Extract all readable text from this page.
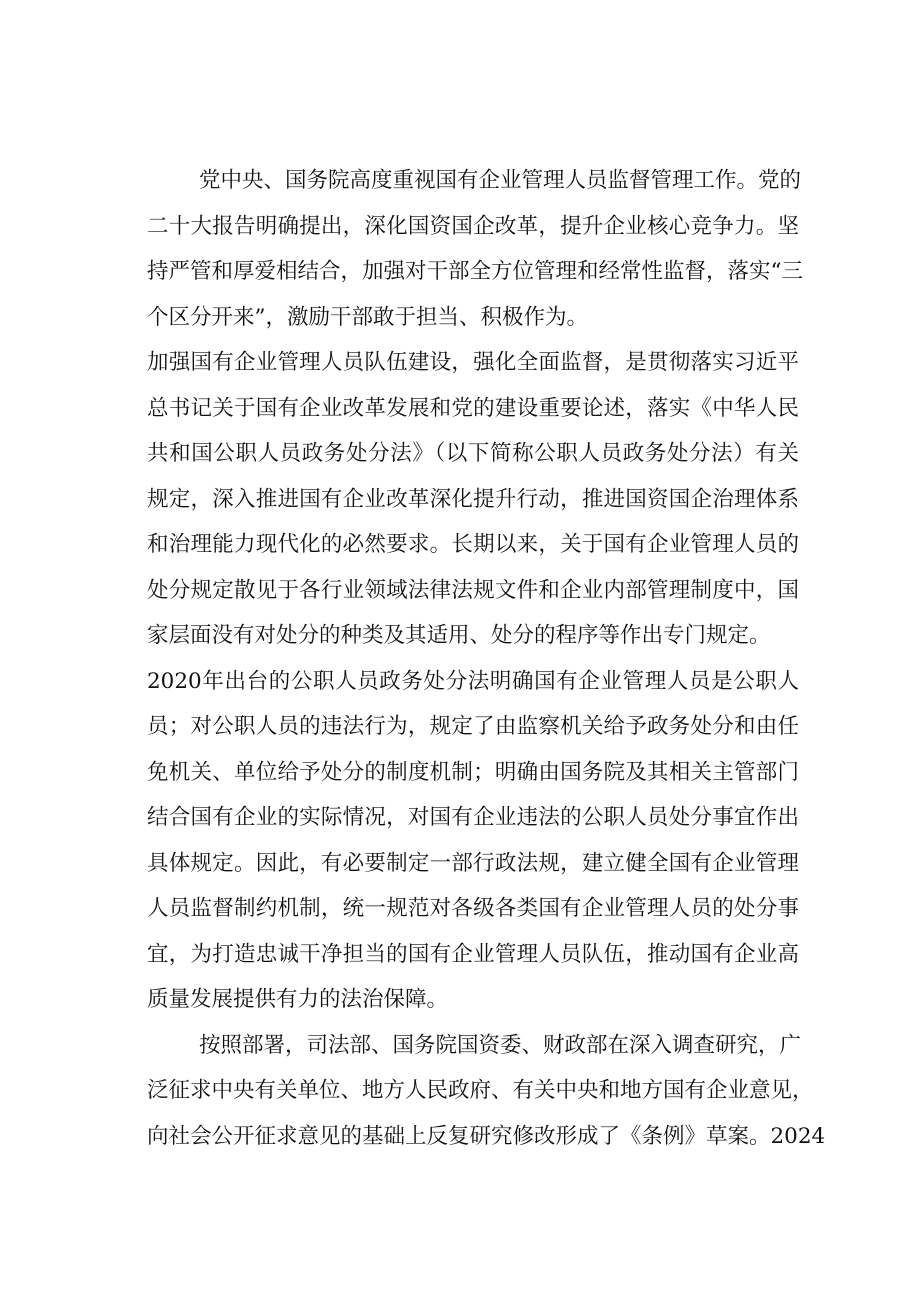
党中央、国务院高度重视国有企业管理人员监督管理工作。党的
二十大报告明确提出，深化国资国企改革，提升企业核心竞争力。坚
持严管和厚爱相结合，加强对干部全方位管理和经常性监督，落实“三
个区分开来”，激励干部敢于担当、积极作为。
加强国有企业管理人员队伍建设，强化全面监督，是贯彻落实习近平
总书记关于国有企业改革发展和党的建设重要论述，落实《中华人民
共和国公职人员政务处分法》（以下简称公职人员政务处分法）有关
规定，深入推进国有企业改革深化提升行动，推进国资国企治理体系
和治理能力现代化的必然要求。长期以来，关于国有企业管理人员的
处分规定散见于各行业领域法律法规文件和企业内部管理制度中，国
家层面没有对处分的种类及其适用、处分的程序等作出专门规定。
2020年出台的公职人员政务处分法明确国有企业管理人员是公职人
员；对公职人员的违法行为，规定了由监察机关给予政务处分和由任
免机关、单位给予处分的制度机制；明确由国务院及其相关主管部门
结合国有企业的实际情况，对国有企业违法的公职人员处分事宜作出
具体规定。因此，有必要制定一部行政法规，建立健全国有企业管理
人员监督制约机制，统一规范对各级各类国有企业管理人员的处分事
宜，为打造忠诚干净担当的国有企业管理人员队伍，推动国有企业高
质量发展提供有力的法治保障。
按照部署，司法部、国务院国资委、财政部在深入调查研究，广
泛征求中央有关单位、地方人民政府、有关中央和地方国有企业意见，
向社会公开征求意见的基础上反复研究修改形成了《条例》草案。2024
